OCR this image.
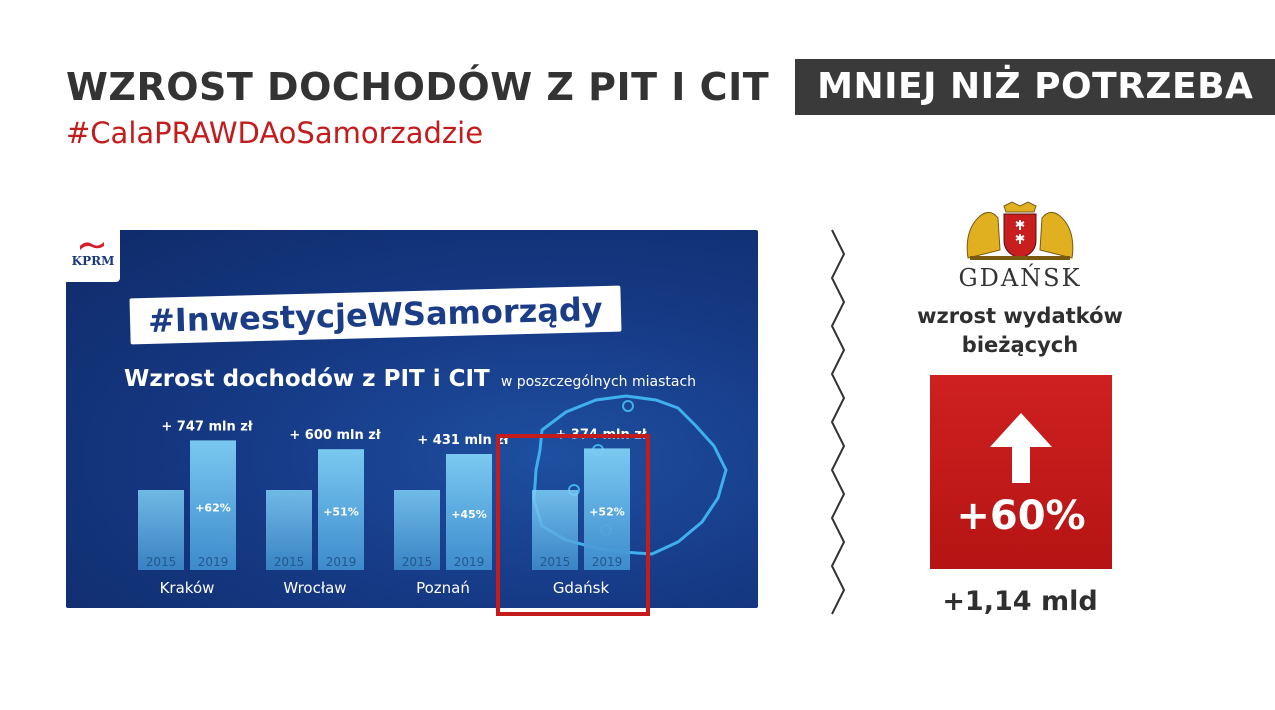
WZROST DOCHODÓW Z PIT I CIT	MNIEJ NIŻ POTRZEBA
#CalaPRAWDAoSamorzadzie
KPRM
#InwestycjeWSamorządy
Wzrost dochodów z PIT i CIT w poszczególnych miastach
2015 2019
+62%
+ 747 mln zł
Kraków
2015 2019
+51%
+ 600 mln zł
Wrocław
2015 2019
+45%
+ 431 mln zł
Poznań
2015 2019
+52%
+ 374 mln zł
Gdańsk
GDAŃSK
wzrost wydatków bieżących
+60%
+1,14 mld
